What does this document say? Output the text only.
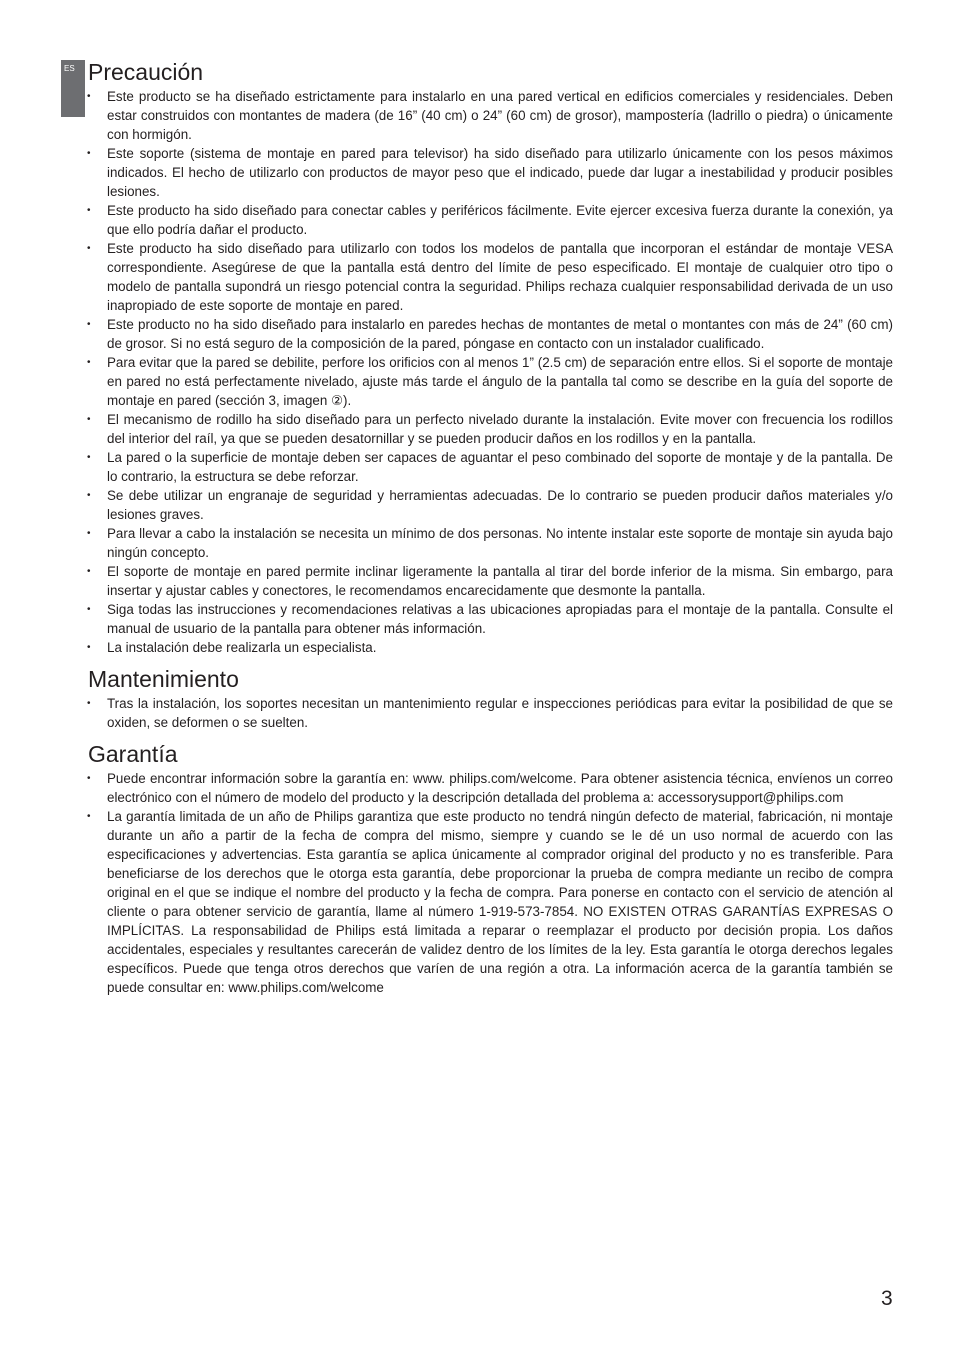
ES Precaución
• Este producto se ha diseñado estrictamente para instalarlo en una pared vertical en edificios comerciales y residenciales. Deben estar construidos con montantes de madera (de 16” (40 cm) o 24” (60 cm) de grosor), mampostería (ladrillo o piedra) o únicamente con hormigón.
• Este soporte (sistema de montaje en pared para televisor) ha sido diseñado para utilizarlo únicamente con los pesos máximos indicados. El hecho de utilizarlo con productos de mayor peso que el indicado, puede dar lugar a inestabilidad y producir posibles lesiones.
• Este producto ha sido diseñado para conectar cables y periféricos fácilmente. Evite ejercer excesiva fuerza durante la conexión, ya que ello podría dañar el producto.
• Este producto ha sido diseñado para utilizarlo con todos los modelos de pantalla que incorporan el estándar de montaje VESA correspondiente. Asegúrese de que la pantalla está dentro del límite de peso especificado. El montaje de cualquier otro tipo o modelo de pantalla supondrá un riesgo potencial contra la seguridad. Philips rechaza cualquier responsabilidad derivada de un uso inapropiado de este soporte de montaje en pared.
• Este producto no ha sido diseñado para instalarlo en paredes hechas de montantes de metal o montantes con más de 24” (60 cm) de grosor. Si no está seguro de la composición de la pared, póngase en contacto con un instalador cualificado.
• Para evitar que la pared se debilite, perfore los orificios con al menos 1” (2.5 cm) de separación entre ellos. Si el soporte de montaje en pared no está perfectamente nivelado, ajuste más tarde el ángulo de la pantalla tal como se describe en la guía del soporte de montaje en pared (sección 3, imagen ②).
• El mecanismo de rodillo ha sido diseñado para un perfecto nivelado durante la instalación. Evite mover con frecuencia los rodillos del interior del raíl, ya que se pueden desatornillar y se pueden producir daños en los rodillos y en la pantalla.
• La pared o la superficie de montaje deben ser capaces de aguantar el peso combinado del soporte de montaje y de la pantalla. De lo contrario, la estructura se debe reforzar.
• Se debe utilizar un engranaje de seguridad y herramientas adecuadas. De lo contrario se pueden producir daños materiales y/o lesiones graves.
• Para llevar a cabo la instalación se necesita un mínimo de dos personas. No intente instalar este soporte de montaje sin ayuda bajo ningún concepto.
• El soporte de montaje en pared permite inclinar ligeramente la pantalla al tirar del borde inferior de la misma. Sin embargo, para insertar y ajustar cables y conectores, le recomendamos encarecidamente que desmonte la pantalla.
• Siga todas las instrucciones y recomendaciones relativas a las ubicaciones apropiadas para el montaje de la pantalla. Consulte el manual de usuario de la pantalla para obtener más información.
• La instalación debe realizarla un especialista.
Mantenimiento
• Tras la instalación, los soportes necesitan un mantenimiento regular e inspecciones periódicas para evitar la posibilidad de que se oxiden, se deformen o se suelten.
Garantía
• Puede encontrar información sobre la garantía en: www. philips.com/welcome. Para obtener asistencia técnica, envíenos un correo electrónico con el número de modelo del producto y la descripción detallada del problema a: accessorysupport@philips.com
• La garantía limitada de un año de Philips garantiza que este producto no tendrá ningún defecto de material, fabricación, ni montaje durante un año a partir de la fecha de compra del mismo, siempre y cuando se le dé un uso normal de acuerdo con las especificaciones y advertencias. Esta garantía se aplica únicamente al comprador original del producto y no es transferible. Para beneficiarse de los derechos que le otorga esta garantía, debe proporcionar la prueba de compra mediante un recibo de compra original en el que se indique el nombre del producto y la fecha de compra. Para ponerse en contacto con el servicio de atención al cliente o para obtener servicio de garantía, llame al número 1-919-573-7854. NO EXISTEN OTRAS GARANTÍAS EXPRESAS O IMPLÍCITAS. La responsabilidad de Philips está limitada a reparar o reemplazar el producto por decisión propia. Los daños accidentales, especiales y resultantes carecerán de validez dentro de los límites de la ley. Esta garantía le otorga derechos legales específicos. Puede que tenga otros derechos que varíen de una región a otra. La información acerca de la garantía también se puede consultar en: www.philips.com/welcome
3
